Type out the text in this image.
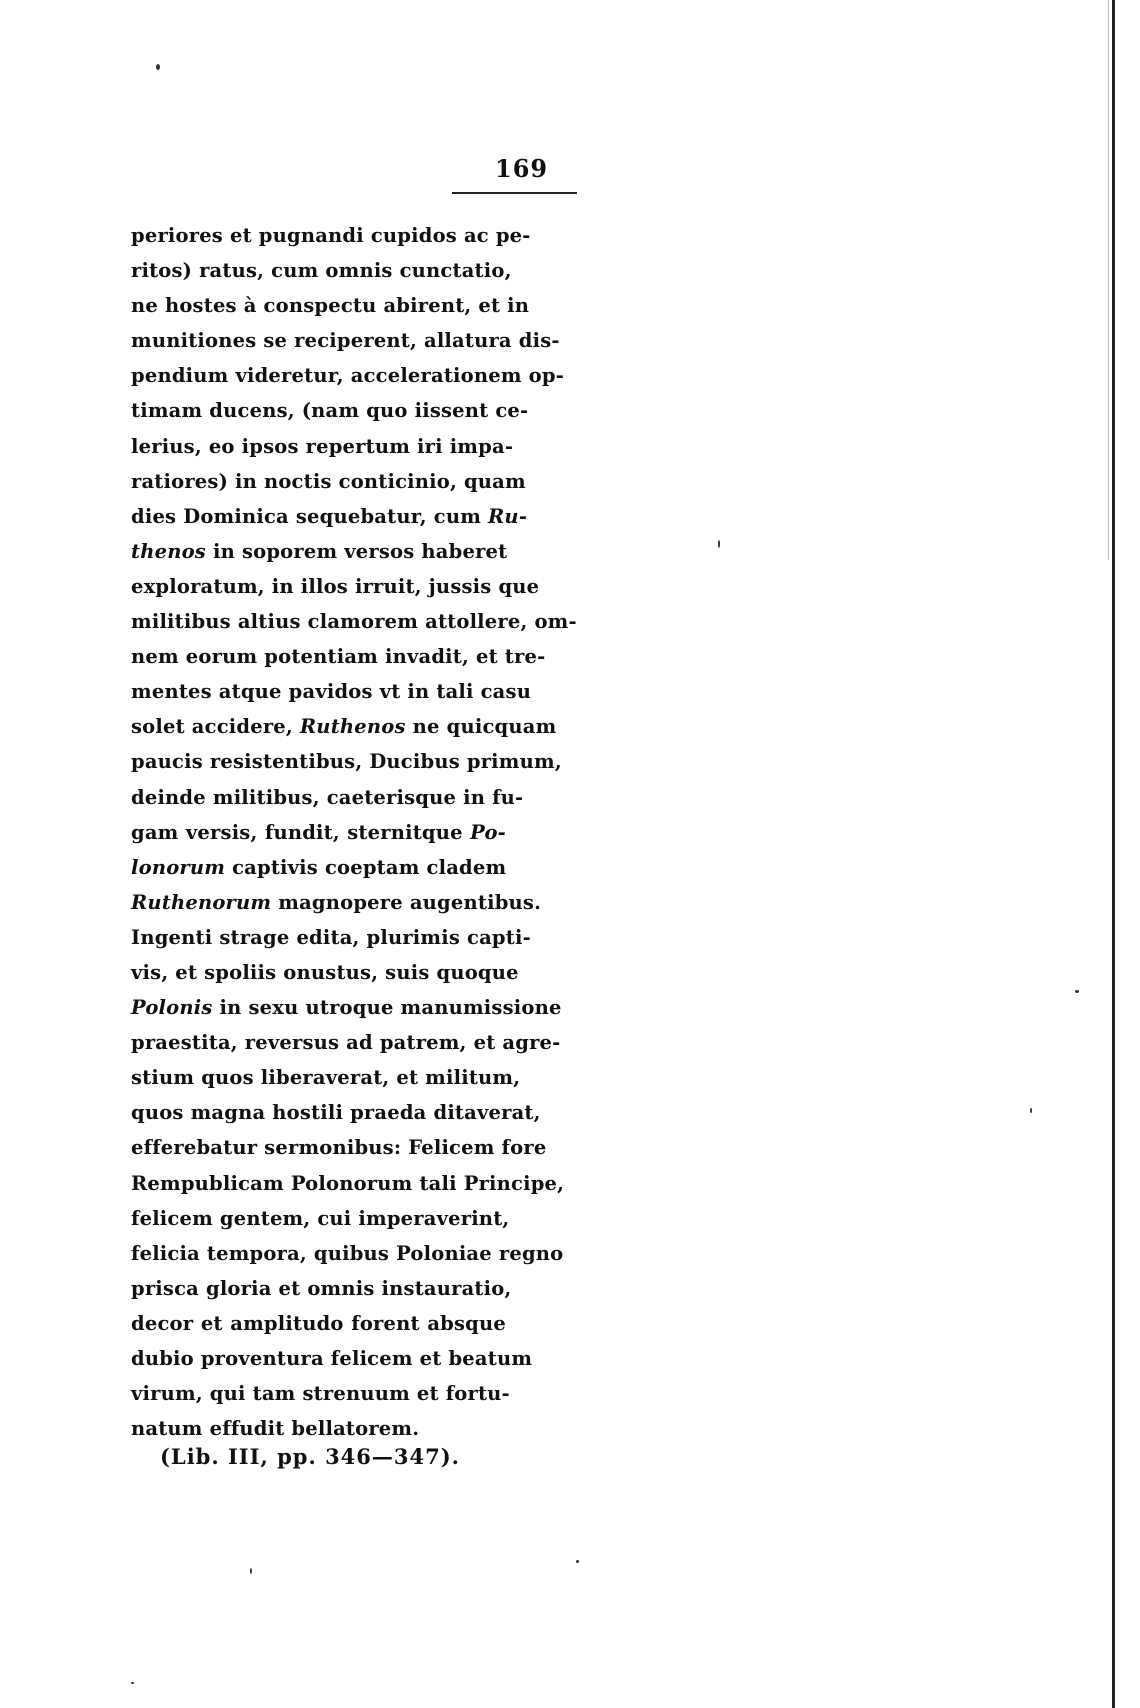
169
periores et pugnandi cupidos ac pe-
ritos) ratus, cum omnis cunctatio,
ne hostes à conspectu abirent, et in
munitiones se reciperent, allatura dis-
pendium videretur, accelerationem op-
timam ducens, (nam quo iissent ce-
lerius, eo ipsos repertum iri impa-
ratiores) in noctis conticinio, quam
dies Dominica sequebatur, cum Ru-
thenos in soporem versos haberet
exploratum, in illos irruit, jussis que
militibus altius clamorem attollere, om-
nem eorum potentiam invadit, et tre-
mentes atque pavidos vt in tali casu
solet accidere, Ruthenos ne quicquam
paucis resistentibus, Ducibus primum,
deinde militibus, caeterisque in fu-
gam versis, fundit, sternitque Po-
lonorum captivis coeptam cladem
Ruthenorum magnopere augentibus.
Ingenti strage edita, plurimis capti-
vis, et spoliis onustus, suis quoque
Polonis in sexu utroque manumissione
praestita, reversus ad patrem, et agre-
stium quos liberaverat, et militum,
quos magna hostili praeda ditaverat,
efferebatur sermonibus: Felicem fore
Rempublicam Polonorum tali Principe,
felicem gentem, cui imperaverint,
felicia tempora, quibus Poloniae regno
prisca gloria et omnis instauratio,
decor et amplitudo forent absque
dubio proventura felicem et beatum
virum, qui tam strenuum et fortu-
natum effudit bellatorem.
(Lib. III, pp. 346—347).
